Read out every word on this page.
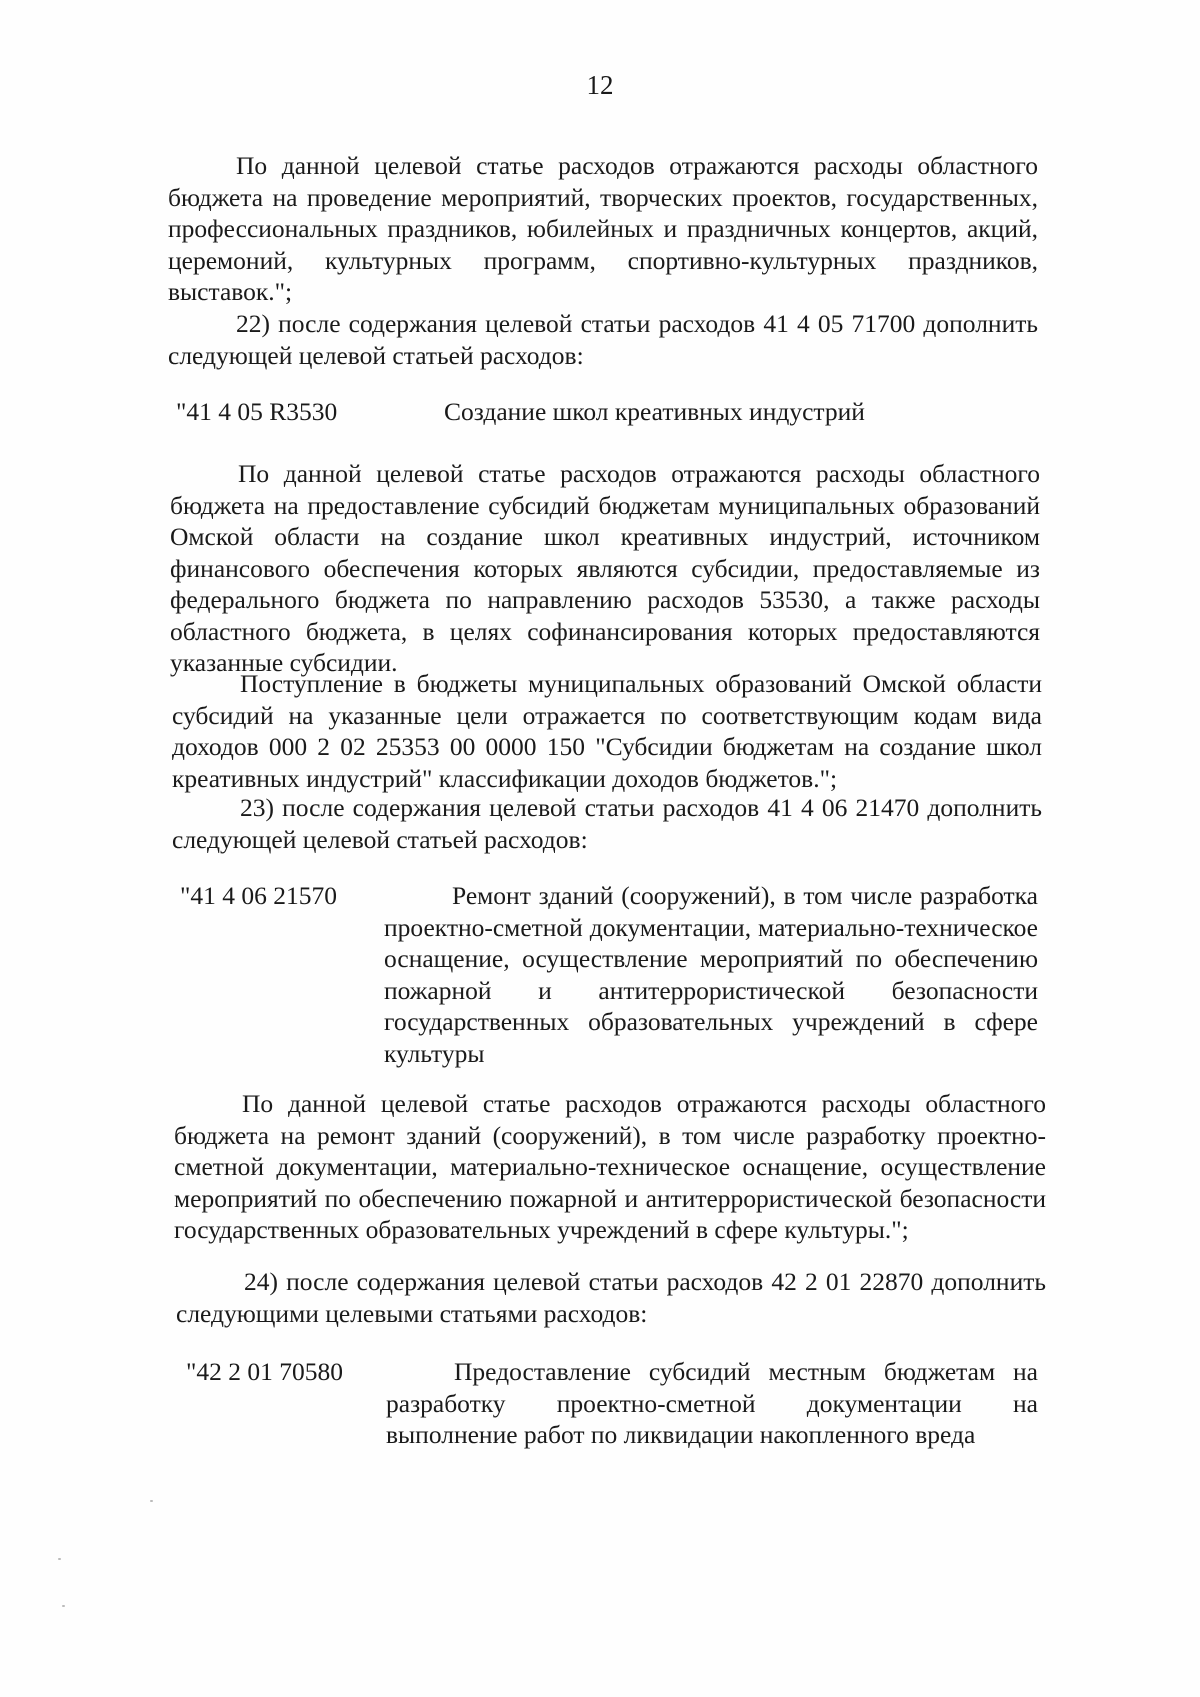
12

По данной целевой статье расходов отражаются расходы областного бюджета на проведение мероприятий, творческих проектов, государственных, профессиональных праздников, юбилейных и праздничных концертов, акций, церемоний, культурных программ, спортивно-культурных праздников, выставок.";

22) после содержания целевой статьи расходов 41 4 05 71700 дополнить следующей целевой статьей расходов:

"41 4 05 R3530	Создание школ креативных индустрий

По данной целевой статье расходов отражаются расходы областного бюджета на предоставление субсидий бюджетам муниципальных образований Омской области на создание школ креативных индустрий, источником финансового обеспечения которых являются субсидии, предоставляемые из федерального бюджета по направлению расходов 53530, а также расходы областного бюджета, в целях софинансирования которых предоставляются указанные субсидии.

Поступление в бюджеты муниципальных образований Омской области субсидий на указанные цели отражается по соответствующим кодам вида доходов 000 2 02 25353 00 0000 150 "Субсидии бюджетам на создание школ креативных индустрий" классификации доходов бюджетов.";

23) после содержания целевой статьи расходов 41 4 06 21470 дополнить следующей целевой статьей расходов:

"41 4 06 21570	Ремонт зданий (сооружений), в том числе разработка проектно-сметной документации, материально-техническое оснащение, осуществление мероприятий по обеспечению пожарной и антитеррористической безопасности государственных образовательных учреждений в сфере культуры

По данной целевой статье расходов отражаются расходы областного бюджета на ремонт зданий (сооружений), в том числе разработку проектно-сметной документации, материально-техническое оснащение, осуществление мероприятий по обеспечению пожарной и антитеррористической безопасности государственных образовательных учреждений в сфере культуры.";

24) после содержания целевой статьи расходов 42 2 01 22870 дополнить следующими целевыми статьями расходов:

"42 2 01 70580	Предоставление субсидий местным бюджетам на разработку проектно-сметной документации на выполнение работ по ликвидации накопленного вреда
